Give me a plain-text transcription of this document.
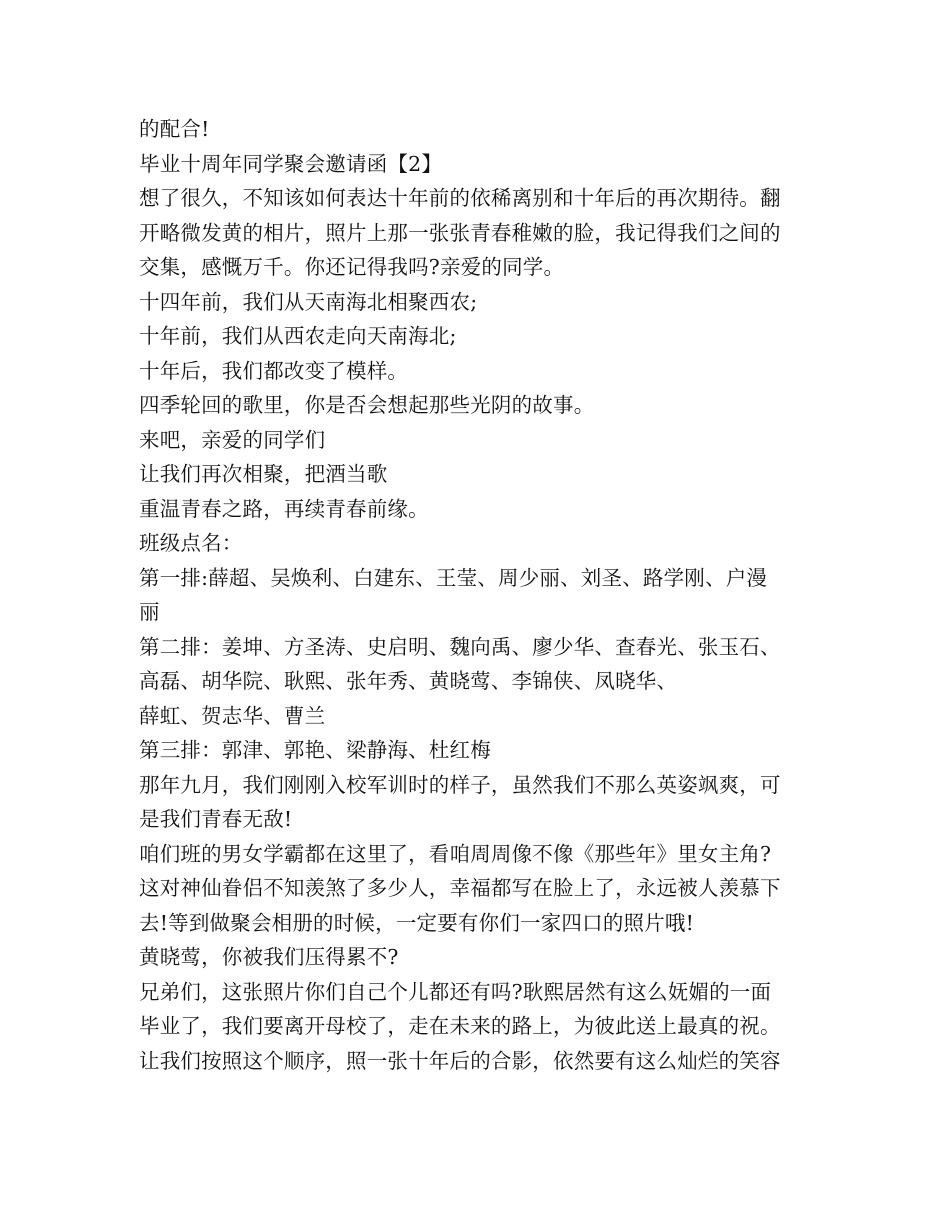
的配合!
毕业十周年同学聚会邀请函【2】
想了很久，不知该如何表达十年前的依稀离别和十年后的再次期待。翻
开略微发黄的相片，照片上那一张张青春稚嫩的脸，我记得我们之间的
交集，感慨万千。你还记得我吗?亲爱的同学。
十四年前，我们从天南海北相聚西农;
十年前，我们从西农走向天南海北;
十年后，我们都改变了模样。
四季轮回的歌里，你是否会想起那些光阴的故事。
来吧，亲爱的同学们
让我们再次相聚，把酒当歌
重温青春之路，再续青春前缘。
班级点名：
第一排:薛超、吴焕利、白建东、王莹、周少丽、刘圣、路学刚、户漫
丽
第二排：姜坤、方圣涛、史启明、魏向禹、廖少华、查春光、张玉石、
高磊、胡华院、耿熙、张年秀、黄晓莺、李锦侠、凤晓华、
薛虹、贺志华、曹兰
第三排：郭津、郭艳、梁静海、杜红梅
那年九月，我们刚刚入校军训时的样子，虽然我们不那么英姿飒爽，可
是我们青春无敌!
咱们班的男女学霸都在这里了，看咱周周像不像《那些年》里女主角?
这对神仙眷侣不知羡煞了多少人，幸福都写在脸上了，永远被人羡慕下
去!等到做聚会相册的时候，一定要有你们一家四口的照片哦!
黄晓莺，你被我们压得累不?
兄弟们，这张照片你们自己个儿都还有吗?耿熙居然有这么妩媚的一面
毕业了，我们要离开母校了，走在未来的路上，为彼此送上最真的祝。
让我们按照这个顺序，照一张十年后的合影，依然要有这么灿烂的笑容
